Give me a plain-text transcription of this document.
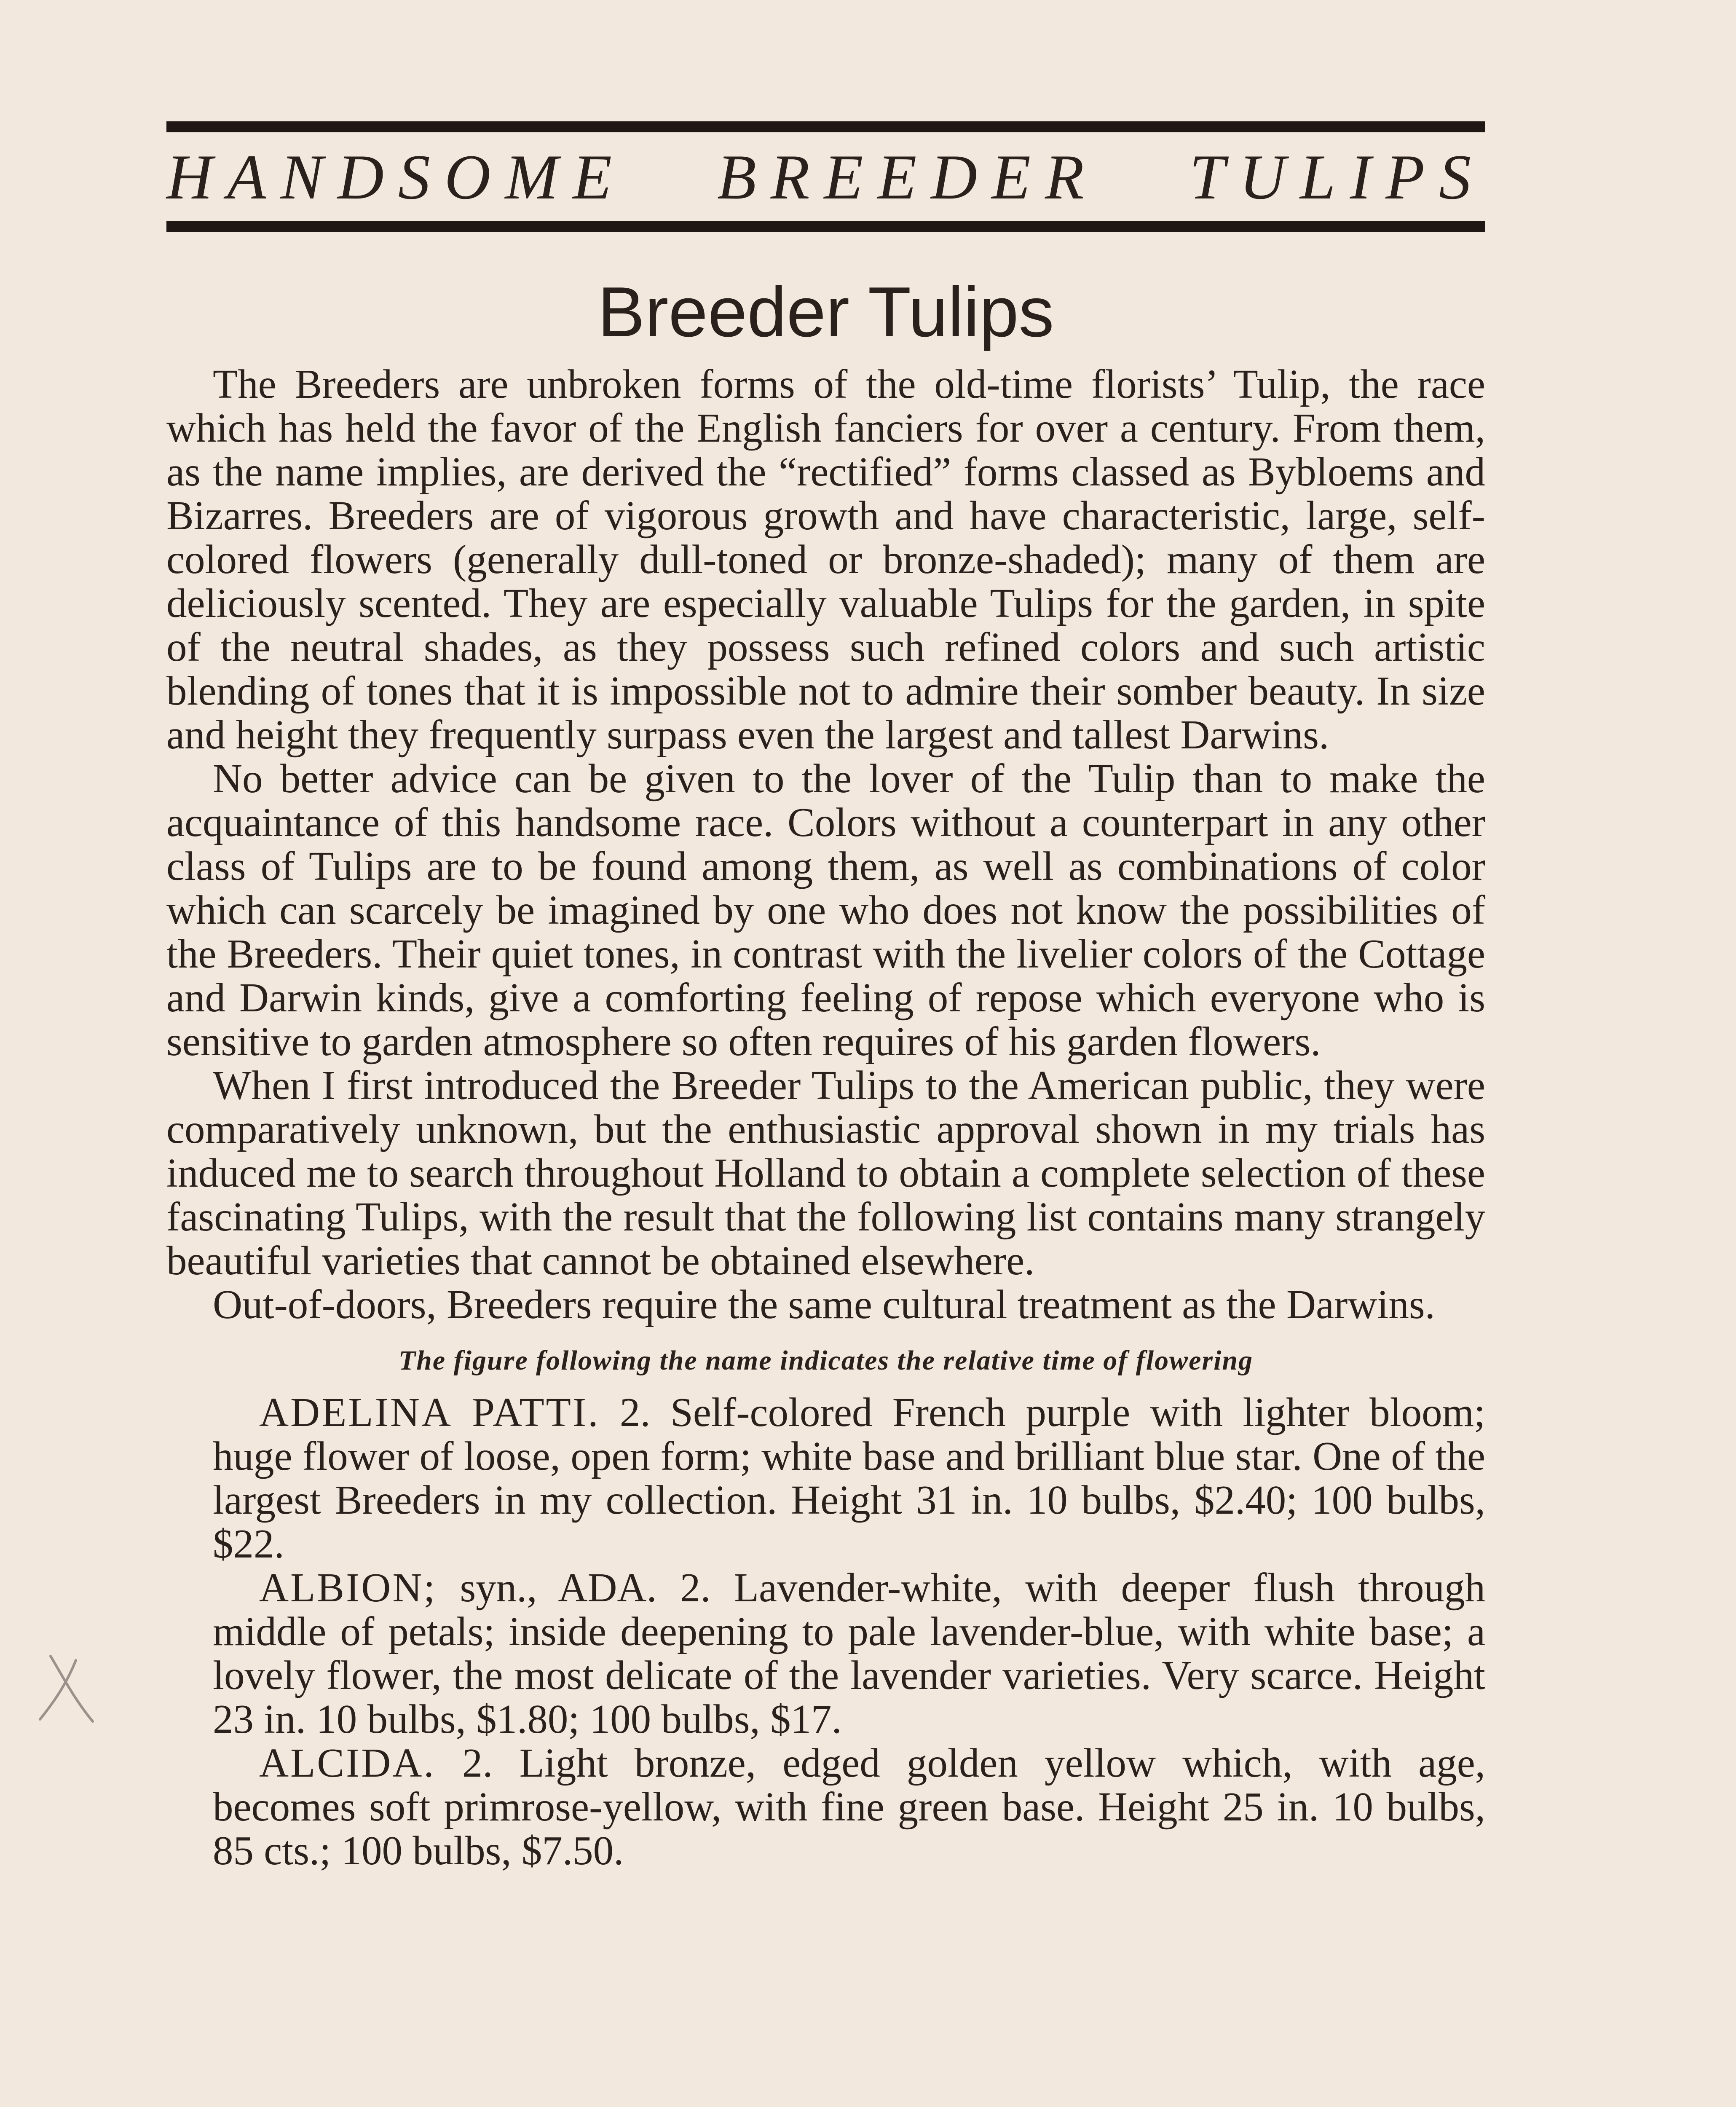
HANDSOME BREEDER TULIPS
Breeder Tulips

The Breeders are unbroken forms of the old-time florists’ Tulip, the race which has held the favor of the English fanciers for over a century. From them, as the name implies, are derived the “rectified” forms classed as Bybloems and Bizarres. Breeders are of vigorous growth and have characteristic, large, self-colored flowers (generally dull-toned or bronze-shaded); many of them are deliciously scented. They are especially valuable Tulips for the garden, in spite of the neutral shades, as they possess such refined colors and such artistic blending of tones that it is impossible not to admire their somber beauty. In size and height they frequently surpass even the largest and tallest Darwins.

No better advice can be given to the lover of the Tulip than to make the acquaintance of this handsome race. Colors without a counterpart in any other class of Tulips are to be found among them, as well as combinations of color which can scarcely be imagined by one who does not know the possibilities of the Breeders. Their quiet tones, in contrast with the livelier colors of the Cottage and Darwin kinds, give a comforting feeling of repose which everyone who is sensitive to garden atmosphere so often requires of his garden flowers.

When I first introduced the Breeder Tulips to the American public, they were comparatively unknown, but the enthusiastic approval shown in my trials has induced me to search throughout Holland to obtain a complete selection of these fascinating Tulips, with the result that the following list contains many strangely beautiful varieties that cannot be obtained elsewhere.

Out-of-doors, Breeders require the same cultural treatment as the Darwins.

The figure following the name indicates the relative time of flowering

ADELINA PATTI. 2. Self-colored French purple with lighter bloom; huge flower of loose, open form; white base and brilliant blue star. One of the largest Breeders in my collection. Height 31 in. 10 bulbs, $2.40; 100 bulbs, $22.

ALBION; syn., ADA. 2. Lavender-white, with deeper flush through middle of petals; inside deepening to pale lavender-blue, with white base; a lovely flower, the most delicate of the lavender varieties. Very scarce. Height 23 in. 10 bulbs, $1.80; 100 bulbs, $17.

ALCIDA. 2. Light bronze, edged golden yellow which, with age, becomes soft primrose-yellow, with fine green base. Height 25 in. 10 bulbs, 85 cts.; 100 bulbs, $7.50.
